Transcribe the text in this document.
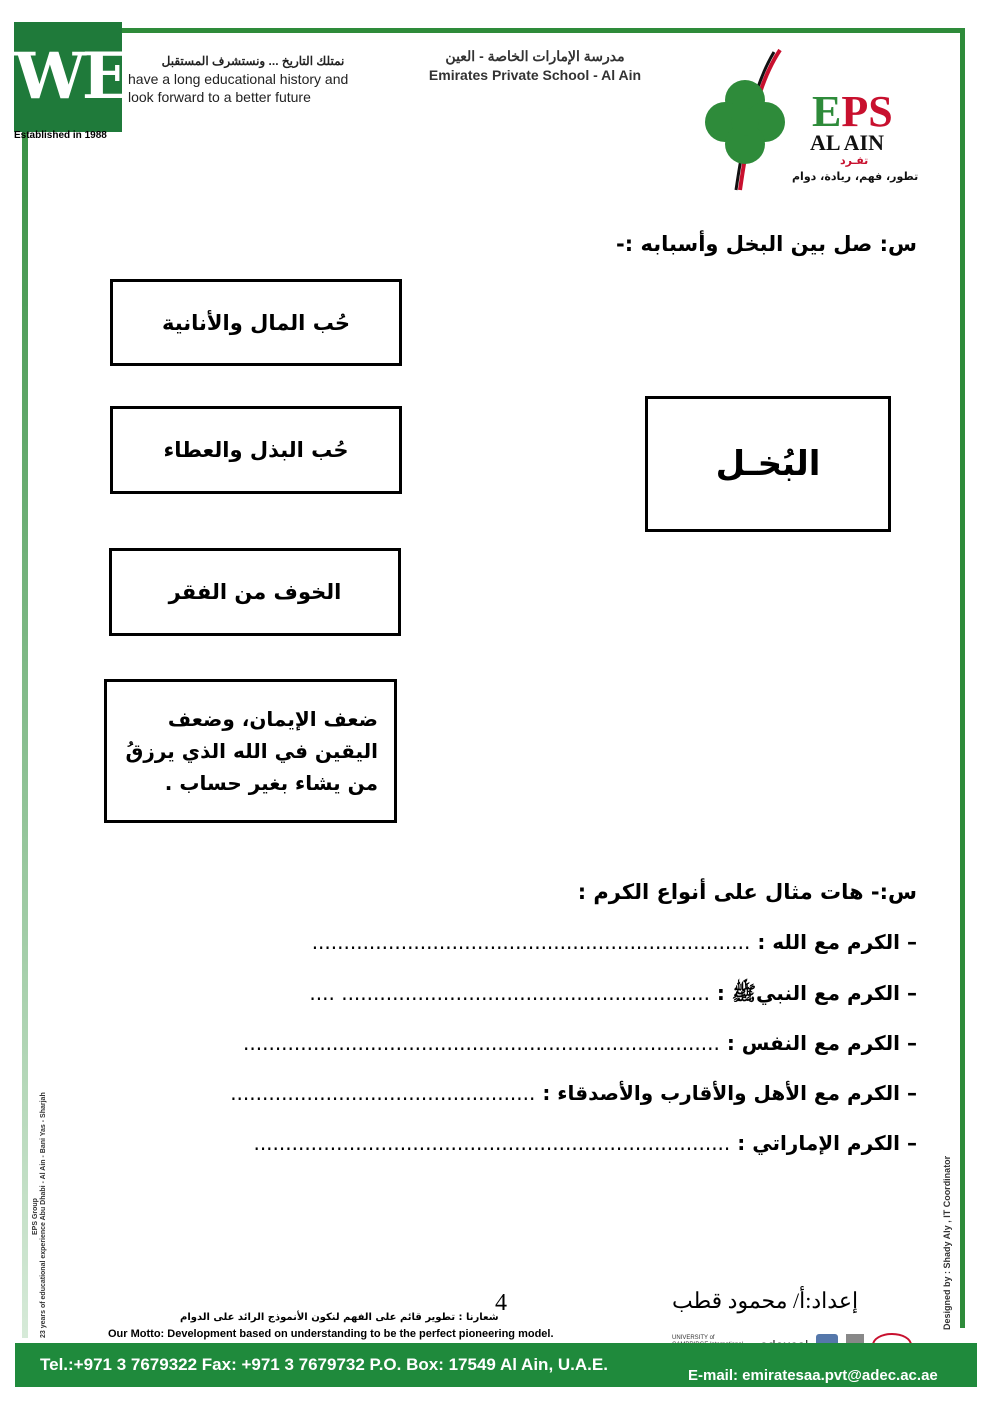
WE
Established in 1988
نمتلك التاريخ ... ونستشرف المستقبل
have a long educational history and
look forward to a better future
مدرسة الإمارات الخاصة - العين
Emirates Private School - Al Ain
EPS
AL AIN
تفـرد
تطور، فهم، ريادة، دوام
س: صل بين البخل وأسبابه :-
حُب المال والأنانية
حُب البذل والعطاء
الخوف من الفقر
ضعف الإيمان، وضعف اليقين في الله الذي يرزقُ من يشاء بغير حساب .
البُخـل
س:- هات مثال على أنواع الكرم :
– الكرم مع الله : .....................................................................
– الكرم مع النبيﷺ : .......................................................... ....
– الكرم مع النفس : ...........................................................................
– الكرم مع الأهل والأقارب والأصدقاء : ................................................
– الكرم الإماراتي : ...........................................................................
4	إعداد:أ/ محمود قطب
شعارنا : تطوير قائم على الفهم لنكون الأنموذج الرائد على الدوام
Our Motto: Development based on understanding to be the perfect pioneering model.	UNIVERSITY of
Tel.:+971 3 7679322 Fax: +971 3 7679732 P.O. Box: 17549 Al Ain, U.A.E.
E-mail: emiratesaa.pvt@adec.ac.ae
EPS Group 23 years of educational experience Abu Dhabi - Al Ain - Bani Yas - Sharjah	Designed by : Shady Aly , IT Coordinator
